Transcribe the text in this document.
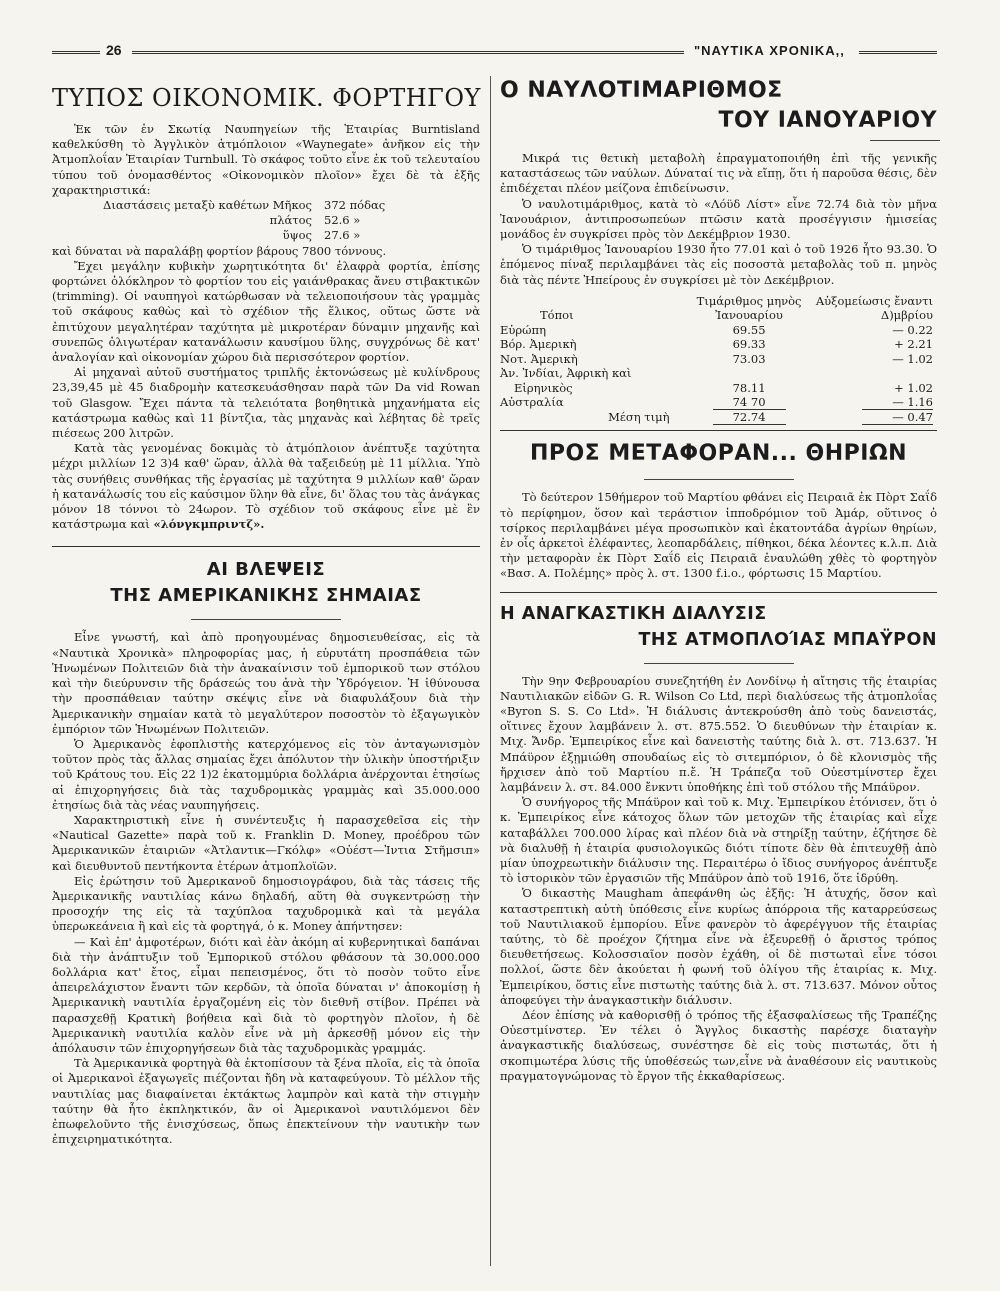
26	"ΝΑΥΤΙΚΑ ΧΡΟΝΙΚΑ,,
ΤΥΠΟΣ ΟΙΚΟΝΟΜΙΚ. ΦΟΡΤΗΓΟΥ

Ἐκ τῶν ἐν Σκωτίᾳ Ναυπηγείων τῆς Ἑταιρίας Burntisland καθελκύσθη τὸ Ἀγγλικὸν ἀτμόπλοιον «Waynegate» ἀνῆκον εἰς τὴν Ἀτμοπλοΐαν Ἑταιρίαν Turnbull. Τὸ σκάφος τοῦτο εἶνε ἐκ τοῦ τελευταίου τύπου τοῦ ὀνομασθέντος «Οἰκονομικὸν πλοῖον» ἔχει δὲ τὰ ἑξῆς χαρακτηριστικά:

Διαστάσεις μεταξὺ καθέτων Μῆκος	372 πόδας
πλάτος	52.6 »
ὕψος	27.6 »

καὶ δύναται νὰ παραλάβῃ φορτίον βάρους 7800 τόννους.

Ἔχει μεγάλην κυβικὴν χωρητικότητα δι' ἐλαφρὰ φορτία, ἐπίσης φορτώνει ὁλόκληρον τὸ φορτίον του εἰς γαιάνθρακας ἄνευ στιβακτικῶν (trimming). Οἱ ναυπηγοὶ κατώρθωσαν νὰ τελειοποιήσουν τὰς γραμμὰς τοῦ σκάφους καθὼς καὶ τὸ σχέδιον τῆς ἕλικος, οὕτως ὥστε νὰ ἐπιτύχουν μεγαλητέραν ταχύτητα μὲ μικροτέραν δύναμιν μηχανῆς καὶ συνεπῶς ὀλιγωτέραν κατανάλωσιν καυσίμου ὕλης, συγχρόνως δὲ κατ' ἀναλογίαν καὶ οἰκονομίαν χώρου διὰ περισσότερον φορτίον.

Αἱ μηχαναὶ αὐτοῦ συστήματος τριπλῆς ἐκτονώσεως μὲ κυλίνδρους 23,39,45 μὲ 45 διαδρομὴν κατεσκευάσθησαν παρὰ τῶν Da vid Rowan τοῦ Glasgow. Ἔχει πάντα τὰ τελειότατα βοηθητικὰ μηχανήματα εἰς κατάστρωμα καθὼς καὶ 11 βίντζια, τὰς μηχανὰς καὶ λέβητας δὲ τρεῖς πιέσεως 200 λιτρῶν.

Κατὰ τὰς γενομένας δοκιμὰς τὸ ἀτμόπλοιον ἀνέπτυξε ταχύτητα μέχρι μιλλίων 12 3)4 καθ' ὥραν, ἀλλὰ θὰ ταξειδεύῃ μὲ 11 μίλλια. Ὑπὸ τὰς συνήθεις συνθήκας τῆς ἐργασίας μὲ ταχύτητα 9 μιλλίων καθ' ὥραν ἡ κατανάλωσίς του εἰς καύσιμον ὕλην θὰ εἶνε, δι' ὅλας του τὰς ἀνάγκας μόνον 18 τόννοι τὸ 24ωρον. Τὸ σχέδιον τοῦ σκάφους εἶνε μὲ ἓν κατάστρωμα καὶ «λόνγκμπριντζ».

ΑΙ ΒΛΕΨΕΙΣ
ΤΗΣ ΑΜΕΡΙΚΑΝΙΚΗΣ ΣΗΜΑΙΑΣ

Εἶνε γνωστή, καὶ ἀπὸ προηγουμένας δημοσιευθείσας, εἰς τὰ «Ναυτικὰ Χρονικὰ» πληροφορίας μας, ἡ εὐρυτάτη προσπάθεια τῶν Ἡνωμένων Πολιτειῶν διὰ τὴν ἀνακαίνισιν τοῦ ἐμπορικοῦ των στόλου καὶ τὴν διεύρυνσιν τῆς δράσεώς του ἀνὰ τὴν Ὑδρόγειον. Ἡ ἰθύνουσα τὴν προσπάθειαν ταύτην σκέψις εἶνε νὰ διαφυλάξουν διὰ τὴν Ἀμερικανικὴν σημαίαν κατὰ τὸ μεγαλύτερον ποσοστὸν τὸ ἐξαγωγικὸν ἐμπόριον τῶν Ἡνωμένων Πολιτειῶν.

Ὁ Ἀμερικανὸς ἐφοπλιστὴς κατερχόμενος εἰς τὸν ἀνταγωνισμὸν τοῦτον πρὸς τὰς ἄλλας σημαίας ἔχει ἀπόλυτον τὴν ὑλικὴν ὑποστήριξιν τοῦ Κράτους του. Εἰς 22 1)2 ἑκατομμύρια δολλάρια ἀνέρχονται ἐτησίως αἱ ἐπιχορηγήσεις διὰ τὰς ταχυδρομικὰς γραμμὰς καὶ 35.000.000 ἐτησίως διὰ τὰς νέας ναυπηγήσεις.

Χαρακτηριστικὴ εἶνε ἡ συνέντευξις ἡ παρασχεθεῖσα εἰς τὴν «Nautical Gazette» παρὰ τοῦ κ. Franklin D. Money, προέδρου τῶν Ἀμερικανικῶν ἑταιριῶν «Ἀτλαντικ—Γκόλφ» «Οὐέστ—Ἰντια Στῆμσιπ» καὶ διευθυντοῦ πεντήκοντα ἑτέρων ἀτμοπλοϊῶν.

Εἰς ἐρώτησιν τοῦ Ἀμερικανοῦ δημοσιογράφου, διὰ τὰς τάσεις τῆς Ἀμερικανικῆς ναυτιλίας κάνω δηλαδή, αὕτη θὰ συγκεντρώσῃ τὴν προσοχήν της εἰς τὰ ταχύπλοα ταχυδρομικὰ καὶ τὰ μεγάλα ὑπερωκεάνεια ἢ καὶ εἰς τὰ φορτηγά, ὁ κ. Money ἀπήντησεν:

— Καὶ ἐπ' ἀμφοτέρων, διότι καὶ ἐὰν ἀκόμη αἱ κυβερνητικαὶ δαπάναι διὰ τὴν ἀνάπτυξιν τοῦ Ἐμπορικοῦ στόλου φθάσουν τὰ 30.000.000 δολλάρια κατ' ἔτος, εἶμαι πεπεισμένος, ὅτι τὸ ποσὸν τοῦτο εἶνε ἀπειρελάχιστον ἔναντι τῶν κερδῶν, τὰ ὁποῖα δύναται ν' ἀποκομίσῃ ἡ Ἀμερικανικὴ ναυτιλία ἐργαζομένη εἰς τὸν διεθνῆ στίβον. Πρέπει νὰ παρασχεθῇ Κρατικὴ βοήθεια καὶ διὰ τὸ φορτηγὸν πλοῖον, ἡ δὲ Ἀμερικανικὴ ναυτιλία καλὸν εἶνε νὰ μὴ ἀρκεσθῇ μόνον εἰς τὴν ἀπόλαυσιν τῶν ἐπιχορηγήσεων διὰ τὰς ταχυδρομικὰς γραμμάς.

Τὰ Ἀμερικανικὰ φορτηγὰ θὰ ἐκτοπίσουν τὰ ξένα πλοῖα, εἰς τὰ ὁποῖα οἱ Ἀμερικανοὶ ἐξαγωγεῖς πιέζονται ἤδη νὰ καταφεύγουν. Τὸ μέλλον τῆς ναυτιλίας μας διαφαίνεται ἐκτάκτως λαμπρὸν καὶ κατὰ τὴν στιγμὴν ταύτην θὰ ἦτο ἐκπληκτικόν, ἂν οἱ Ἀμερικανοὶ ναυτιλόμενοι δὲν ἐπωφελοῦντο τῆς ἐνισχύσεως, ὅπως ἐπεκτείνουν τὴν ναυτικὴν των ἐπιχειρηματικότητα.

Ο ΝΑΥΛΟΤΙΜΑΡΙΘΜΟΣ
ΤΟΥ ΙΑΝΟΥΑΡΙΟΥ

Μικρά τις θετικὴ μεταβολὴ ἐπραγματοποιήθη ἐπὶ τῆς γενικῆς καταστάσεως τῶν ναύλων. Δύναταί τις νὰ εἴπῃ, ὅτι ἡ παροῦσα θέσις, δὲν ἐπιδέχεται πλέον μείζονα ἐπιδείνωσιν.

Ὁ ναυλοτιμάριθμος, κατὰ τὸ «Λόϋδ Λίστ» εἶνε 72.74 διὰ τὸν μῆνα Ἰανουάριον, ἀντιπροσωπεύων πτῶσιν κατὰ προσέγγισιν ἡμισείας μονάδος ἐν συγκρίσει πρὸς τὸν Δεκέμβριον 1930.

Ὁ τιμάριθμος Ἰανουαρίου 1930 ἦτο 77.01 καὶ ὁ τοῦ 1926 ἦτο 93.30. Ὁ ἑπόμενος πίναξ περιλαμβάνει τὰς εἰς ποσοστὰ μεταβολὰς τοῦ π. μηνὸς διὰ τὰς πέντε Ἠπείρους ἐν συγκρίσει μὲ τὸν Δεκέμβριον.

	Τιμάριθμος μηνὸς	Αὐξομείωσις ἔναντι
Τόποι	Ἰανουαρίου	Δ)μβρίου
Εὐρώπη	69.55	— 0.22
Βόρ. Ἀμερικὴ	69.33	+ 2.21
Νοτ. Ἀμερικὴ	73.03	— 1.02
Ἀν. Ἰνδίαι, Ἀφρικὴ καὶ		
Εἰρηνικὸς	78.11	+ 1.02
Αὐστραλία	74 70	— 1.16
Μέση τιμὴ	72.74	— 0.47
ΠΡΟΣ ΜΕΤΑΦΟΡΑΝ... ΘΗΡΙΩΝ

Τὸ δεύτερον 15θήμερον τοῦ Μαρτίου φθάνει εἰς Πειραιᾶ ἐκ Πὸρτ Σαΐδ τὸ περίφημον, ὅσον καὶ τεράστιον ἱπποδρόμιον τοῦ Ἀμάρ, οὕτινος ὁ τσίρκος περιλαμβάνει μέγα προσωπικὸν καὶ ἑκατοντάδα ἀγρίων θηρίων, ἐν οἷς ἀρκετοὶ ἐλέφαντες, λεοπαρδάλεις, πίθηκοι, δέκα λέοντες κ.λ.π. Διὰ τὴν μεταφορὰν ἐκ Πὸρτ Σαΐδ εἰς Πειραιᾶ ἐναυλώθη χθὲς τὸ φορτηγὸν «Βασ. Α. Πολέμης» πρὸς λ. στ. 1300 f.i.o., φόρτωσις 15 Μαρτίου.

Η ΑΝΑΓΚΑΣΤΙΚΗ ΔΙΑΛΥΣΙΣ
ΤΗΣ ΑΤΜΟΠΛΟΊΑΣ ΜΠΑΫΡΟΝ

Τὴν 9ην Φεβρουαρίου συνεζητήθη ἐν Λονδίνῳ ἡ αἴτησις τῆς ἑταιρίας Ναυτιλιακῶν εἰδῶν G. R. Wilson Co Ltd, περὶ διαλύσεως τῆς ἀτμοπλοΐας «Byron S. S. Co Ltd». Ἡ διάλυσις ἀντεκρούσθη ἀπὸ τοὺς δανειστάς, οἵτινες ἔχουν λαμβάνειν λ. στ. 875.552. Ὁ διευθύνων τὴν ἑταιρίαν κ. Μιχ. Ἄνδρ. Ἐμπειρίκος εἶνε καὶ δανειστὴς ταύτης διὰ λ. στ. 713.637. Ἡ Μπάϋρον ἐξῃμιώθη σπουδαίως εἰς τὸ σιτεμπόριον, ὁ δὲ κλονισμὸς τῆς ἤρχισεν ἀπὸ τοῦ Μαρτίου π.ἔ. Ἡ Τράπεζα τοῦ Οὐεστμίνστερ ἔχει λαμβάνειν λ. στ. 84.000 ἔνκντι ὑποθήκης ἐπὶ τοῦ στόλου τῆς Μπάϋρον.

Ὁ συνήγορος τῆς Μπάϋρον καὶ τοῦ κ. Μιχ. Ἐμπειρίκου ἐτόνισεν, ὅτι ὁ κ. Ἐμπειρίκος εἶνε κάτοχος ὅλων τῶν μετοχῶν τῆς ἑταιρίας καὶ εἶχε καταβάλλει 700.000 λίρας καὶ πλέον διὰ νὰ στηρίξῃ ταύτην, ἐζήτησε δὲ νὰ διαλυθῇ ἡ ἑταιρία φυσιολογικῶς διότι τίποτε δὲν θὰ ἐπιτευχθῇ ἀπὸ μίαν ὑποχρεωτικὴν διάλυσιν της. Περαιτέρω ὁ ἴδιος συνήγορος ἀνέπτυξε τὸ ἱστορικὸν τῶν ἐργασιῶν τῆς Μπάϋρον ἀπὸ τοῦ 1916, ὅτε ἱδρύθη.

Ὁ δικαστὴς Maugham ἀπεφάνθη ὡς ἑξῆς: Ἡ ἀτυχής, ὅσον καὶ καταστρεπτικὴ αὐτὴ ὑπόθεσις εἶνε κυρίως ἀπόρροια τῆς καταρρεύσεως τοῦ Ναυτιλιακοῦ ἐμπορίου. Εἶνε φανερὸν τὸ ἀφερέγγυον τῆς ἑταιρίας ταύτης, τὸ δὲ προέχον ζήτημα εἶνε νὰ ἐξευρεθῇ ὁ ἄριστος τρόπος διευθετήσεως. Κολοσσιαῖον ποσὸν ἐχάθη, οἱ δὲ πιστωταὶ εἶνε τόσοι πολλοί, ὥστε δὲν ἀκούεται ἡ φωνή τοῦ ὀλίγου τῆς ἑταιρίας κ. Μιχ. Ἐμπειρίκου, ὅστις εἶνε πιστωτὴς ταύτης διὰ λ. στ. 713.637. Μόνον οὗτος ἀποφεύγει τὴν ἀναγκαστικὴν διάλυσιν.

Δέον ἐπίσης νὰ καθορισθῇ ὁ τρόπος τῆς ἐξασφαλίσεως τῆς Τραπέζης Οὐεστμίνστερ. Ἐν τέλει ὁ Ἄγγλος δικαστὴς παρέσχε διαταγὴν ἀναγκαστικῆς διαλύσεως, συνέστησε δὲ εἰς τοὺς πιστωτάς, ὅτι ἡ σκοπιμωτέρα λύσις τῆς ὑποθέσεώς των,εἶνε νὰ ἀναθέσουν εἰς ναυτικοὺς πραγματογνώμονας τὸ ἔργον τῆς ἐκκαθαρίσεως.
